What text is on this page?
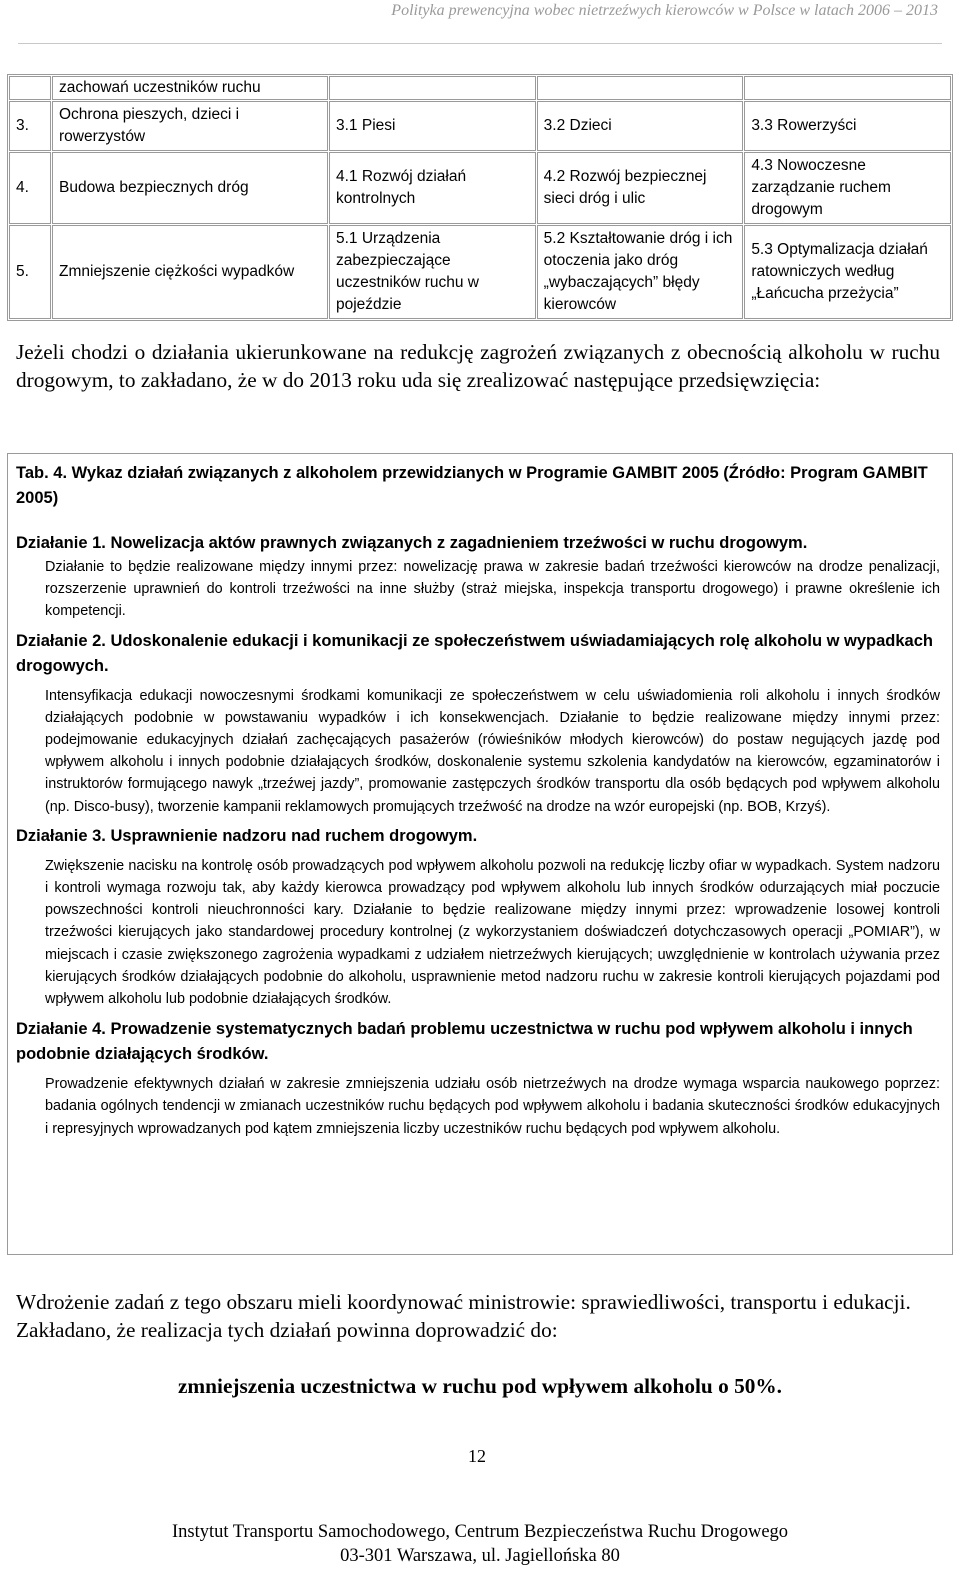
Polityka prewencyjna wobec nietrzeźwych kierowców w Polsce w latach 2006 – 2013
	zachowań uczestników ruchu			
3.	Ochrona pieszych, dzieci i rowerzystów	3.1 Piesi	3.2 Dzieci	3.3 Rowerzyści
4.	Budowa bezpiecznych dróg	4.1 Rozwój działań kontrolnych	4.2 Rozwój bezpiecznej sieci dróg i ulic	4.3 Nowoczesne zarządzanie ruchem drogowym
5.	Zmniejszenie ciężkości wypadków	5.1 Urządzenia zabezpieczające uczestników ruchu w pojeździe	5.2 Kształtowanie dróg i ich otoczenia jako dróg „wybaczających” błędy kierowców	5.3 Optymalizacja działań ratowniczych według „Łańcucha przeżycia”

Jeżeli chodzi o działania ukierunkowane na redukcję zagrożeń związanych z obecnością alkoholu w ruchu drogowym, to zakładano, że w do 2013 roku uda się zrealizować następujące przedsięwzięcia:

Tab. 4. Wykaz działań związanych z alkoholem przewidzianych w Programie GAMBIT 2005 (Źródło: Program GAMBIT 2005)

Działanie 1. Nowelizacja aktów prawnych związanych z zagadnieniem trzeźwości w ruchu drogowym.

Działanie to będzie realizowane między innymi przez: nowelizację prawa w zakresie badań trzeźwości kierowców na drodze penalizacji, rozszerzenie uprawnień do kontroli trzeźwości na inne służby (straż miejska, inspekcja transportu drogowego) i prawne określenie ich kompetencji.

Działanie 2. Udoskonalenie edukacji i komunikacji ze społeczeństwem uświadamiających rolę alkoholu w wypadkach drogowych.

Intensyfikacja edukacji nowoczesnymi środkami komunikacji ze społeczeństwem w celu uświadomienia roli alkoholu i innych środków działających podobnie w powstawaniu wypadków i ich konsekwencjach. Działanie to będzie realizowane między innymi przez: podejmowanie edukacyjnych działań zachęcających pasażerów (rówieśników młodych kierowców) do postaw negujących jazdę pod wpływem alkoholu i innych podobnie działających środków, doskonalenie systemu szkolenia kandydatów na kierowców, egzaminatorów i instruktorów formującego nawyk „trzeźwej jazdy”, promowanie zastępczych środków transportu dla osób będących pod wpływem alkoholu (np. Disco-busy), tworzenie kampanii reklamowych promujących trzeźwość na drodze na wzór europejski (np. BOB, Krzyś).

Działanie 3. Usprawnienie nadzoru nad ruchem drogowym.

Zwiększenie nacisku na kontrolę osób prowadzących pod wpływem alkoholu pozwoli na redukcję liczby ofiar w wypadkach. System nadzoru i kontroli wymaga rozwoju tak, aby każdy kierowca prowadzący pod wpływem alkoholu lub innych środków odurzających miał poczucie powszechności kontroli nieuchronności kary. Działanie to będzie realizowane między innymi przez: wprowadzenie losowej kontroli trzeźwości kierujących jako standardowej procedury kontrolnej (z wykorzystaniem doświadczeń dotychczasowych operacji „POMIAR”), w miejscach i czasie zwiększonego zagrożenia wypadkami z udziałem nietrzeźwych kierujących; uwzględnienie w kontrolach używania przez kierujących środków działających podobnie do alkoholu, usprawnienie metod nadzoru ruchu w zakresie kontroli kierujących pojazdami pod wpływem alkoholu lub podobnie działających środków.

Działanie 4. Prowadzenie systematycznych badań problemu uczestnictwa w ruchu pod wpływem alkoholu i innych podobnie działających środków.

Prowadzenie efektywnych działań w zakresie zmniejszenia udziału osób nietrzeźwych na drodze wymaga wsparcia naukowego poprzez: badania ogólnych tendencji w zmianach uczestników ruchu będących pod wpływem alkoholu i badania skuteczności środków edukacyjnych i represyjnych wprowadzanych pod kątem zmniejszenia liczby uczestników ruchu będących pod wpływem alkoholu.

Wdrożenie zadań z tego obszaru mieli koordynować ministrowie: sprawiedliwości, transportu i edukacji. Zakładano, że realizacja tych działań powinna doprowadzić do:

zmniejszenia uczestnictwa w ruchu pod wpływem alkoholu o 50%.
12
Instytut Transportu Samochodowego, Centrum Bezpieczeństwa Ruchu Drogowego
03-301 Warszawa, ul. Jagiellońska 80
